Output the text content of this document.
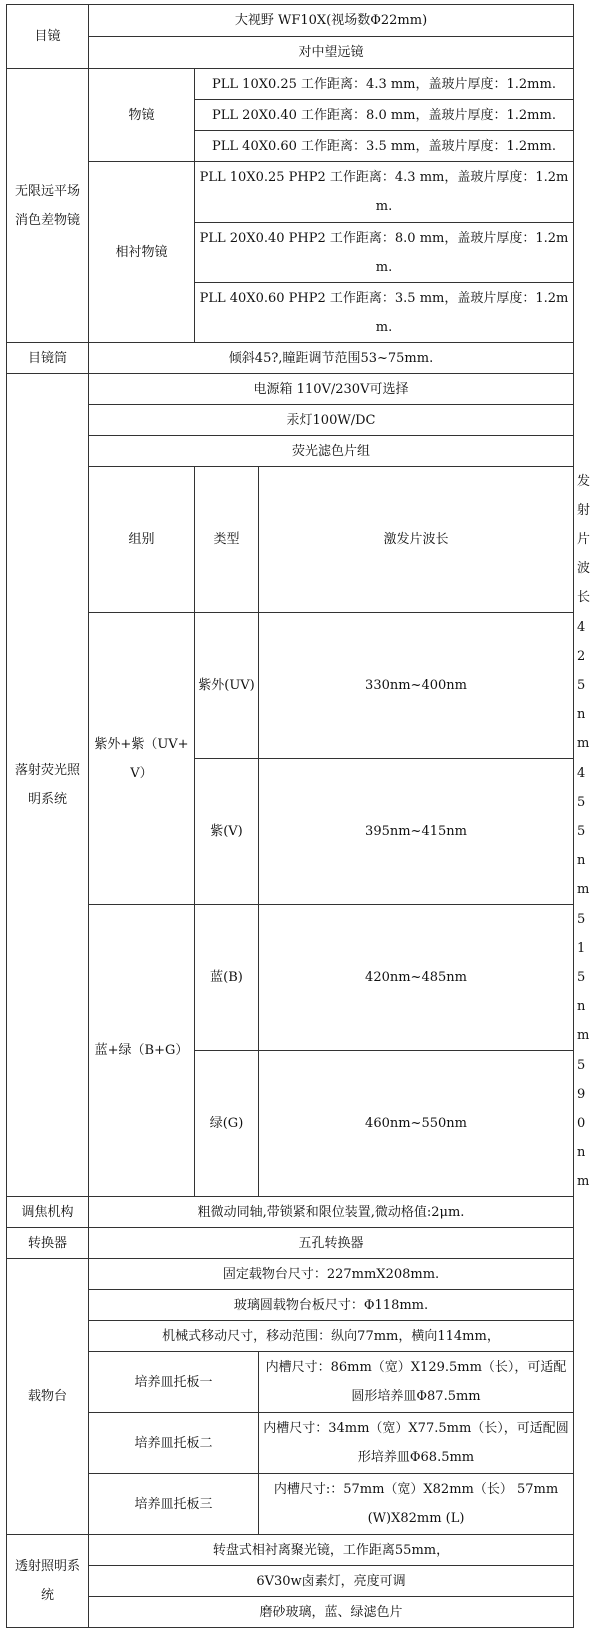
目镜	大视野 WF10X(视场数Φ22mm)			
	对中望远镜			
无限远平场消色差物镜	物镜	PLL 10X0.25 工作距离：4.3 mm，盖玻片厚度：1.2mm.		
		PLL 20X0.40 工作距离：8.0 mm，盖玻片厚度：1.2mm.		
		PLL 40X0.60 工作距离：3.5 mm，盖玻片厚度：1.2mm.		
	相衬物镜	PLL 10X0.25 PHP2 工作距离：4.3 mm，盖玻片厚度：1.2mm.		
		PLL 20X0.40 PHP2 工作距离：8.0 mm，盖玻片厚度：1.2mm.		
		PLL 40X0.60 PHP2 工作距离：3.5 mm，盖玻片厚度：1.2mm.		
目镜筒	倾斜45?,瞳距调节范围53~75mm.			
落射荧光照明系统	电源箱 110V/230V可选择			
	汞灯100W/DC			
	荧光滤色片组			
	组别	类型	激发片波长	发射片波长
	紫外+紫（UV+V）	紫外(UV)	330nm~400nm	425nm
		紫(V)	395nm~415nm	455nm
	蓝+绿（B+G）	蓝(B)	420nm~485nm	515nm
		绿(G)	460nm~550nm	590nm
调焦机构	粗微动同轴,带锁紧和限位装置,微动格值:2μm.			
转换器	五孔转换器			
载物台	固定载物台尺寸：227mmX208mm.			
	玻璃圆载物台板尺寸：Φ118mm.			
	机械式移动尺寸，移动范围：纵向77mm，横向114mm，			
	培养皿托板一		内槽尺寸：86mm（宽）X129.5mm（长），可适配圆形培养皿Φ87.5mm	
	培养皿托板二		内槽尺寸：34mm（宽）X77.5mm（长），可适配圆形培养皿Φ68.5mm	
	培养皿托板三		内槽尺寸:：57mm（宽）X82mm（长） 57mm (W)X82mm (L)	
透射照明系统	转盘式相衬离聚光镜，工作距离55mm，			
	6V30w卤素灯，亮度可调			
	磨砂玻璃，蓝、绿滤色片			
